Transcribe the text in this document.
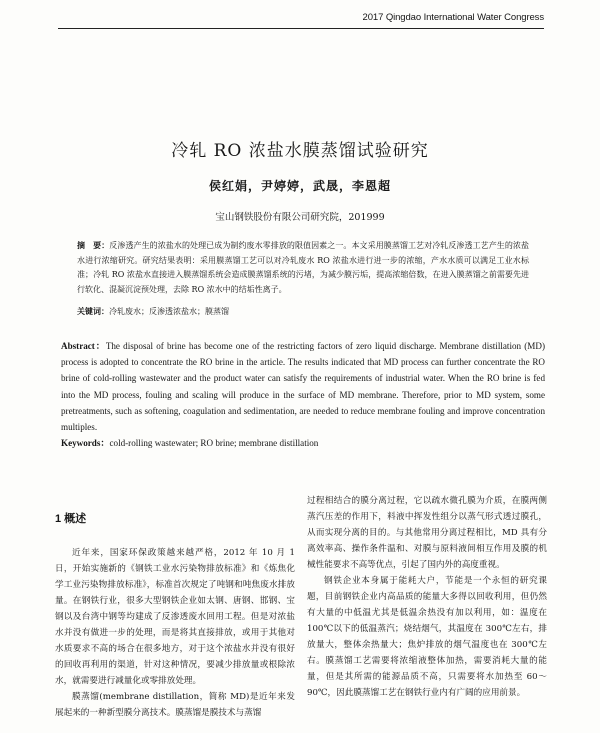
2017 Qingdao International Water Congress
冷轧 RO 浓盐水膜蒸馏试验研究
侯红娟，尹婷婷，武晟，李恩超
宝山钢铁股份有限公司研究院，201999
摘　要：反渗透产生的浓盐水的处理已成为制约废水零排放的限值因素之一。本文采用膜蒸馏工艺对冷轧反渗透工艺产生的浓盐水进行浓缩研究。研究结果表明：采用膜蒸馏工艺可以对冷轧废水 RO 浓盐水进行进一步的浓缩，产水水质可以满足工业水标准；冷轧 RO 浓盐水直接进入膜蒸馏系统会造成膜蒸馏系统的污堵，为减少膜污垢，提高浓缩倍数，在进入膜蒸馏之前需要先进行软化、混凝沉淀预处理，去除 RO 浓水中的结垢性离子。
关键词：冷轧废水；反渗透浓盐水；膜蒸馏
Abstract：The disposal of brine has become one of the restricting factors of zero liquid discharge. Membrane distillation (MD) process is adopted to concentrate the RO brine in the article. The results indicated that MD process can further concentrate the RO brine of cold-rolling wastewater and the product water can satisfy the requirements of industrial water. When the RO brine is fed into the MD process, fouling and scaling will produce in the surface of MD membrane. Therefore, prior to MD system, some pretreatments, such as softening, coagulation and sedimentation, are needed to reduce membrane fouling and improve concentration multiples.
Keywords：cold-rolling wastewater; RO brine; membrane distillation
1 概述

近年来，国家环保政策越来越严格，2012 年 10 月 1 日，开始实施新的《钢铁工业水污染物排放标准》和《炼焦化学工业污染物排放标准》，标准首次规定了吨钢和吨焦废水排放量。在钢铁行业，很多大型钢铁企业如太钢、唐钢、邯钢、宝钢以及台湾中钢等均建成了反渗透废水回用工程。但是对浓盐水并没有做进一步的处理，而是将其直接排放，或用于其他对水质要求不高的场合在很多地方，对于这个浓盐水并没有很好的回收再利用的渠道，针对这种情况，要减少排放量或根除浓水，就需要进行减量化或零排放处理。

膜蒸馏(membrane distillation，简称 MD)是近年来发展起来的一种新型膜分离技术。膜蒸馏是膜技术与蒸馏

过程相结合的膜分离过程，它以疏水微孔膜为介质，在膜两侧蒸汽压差的作用下，料液中挥发性组分以蒸气形式透过膜孔，从而实现分离的目的。与其他常用分离过程相比，MD 具有分离效率高、操作条件温和、对膜与原料液间相互作用及膜的机械性能要求不高等优点，引起了国内外的高度重视。

钢铁企业本身属于能耗大户，节能是一个永恒的研究课题，目前钢铁企业内高品质的能量大多得以回收利用，但仍然有大量的中低温尤其是低温余热没有加以利用，如：温度在 100℃以下的低温蒸汽；烧结烟气，其温度在 300℃左右，排放量大，整体余热量大；焦炉排放的烟气温度也在 300℃左右。膜蒸馏工艺需要将浓缩液整体加热，需要消耗大量的能量，但是其所需的能源品质不高，只需要将水加热至 60～90℃，因此膜蒸馏工艺在钢铁行业内有广阔的应用前景。
